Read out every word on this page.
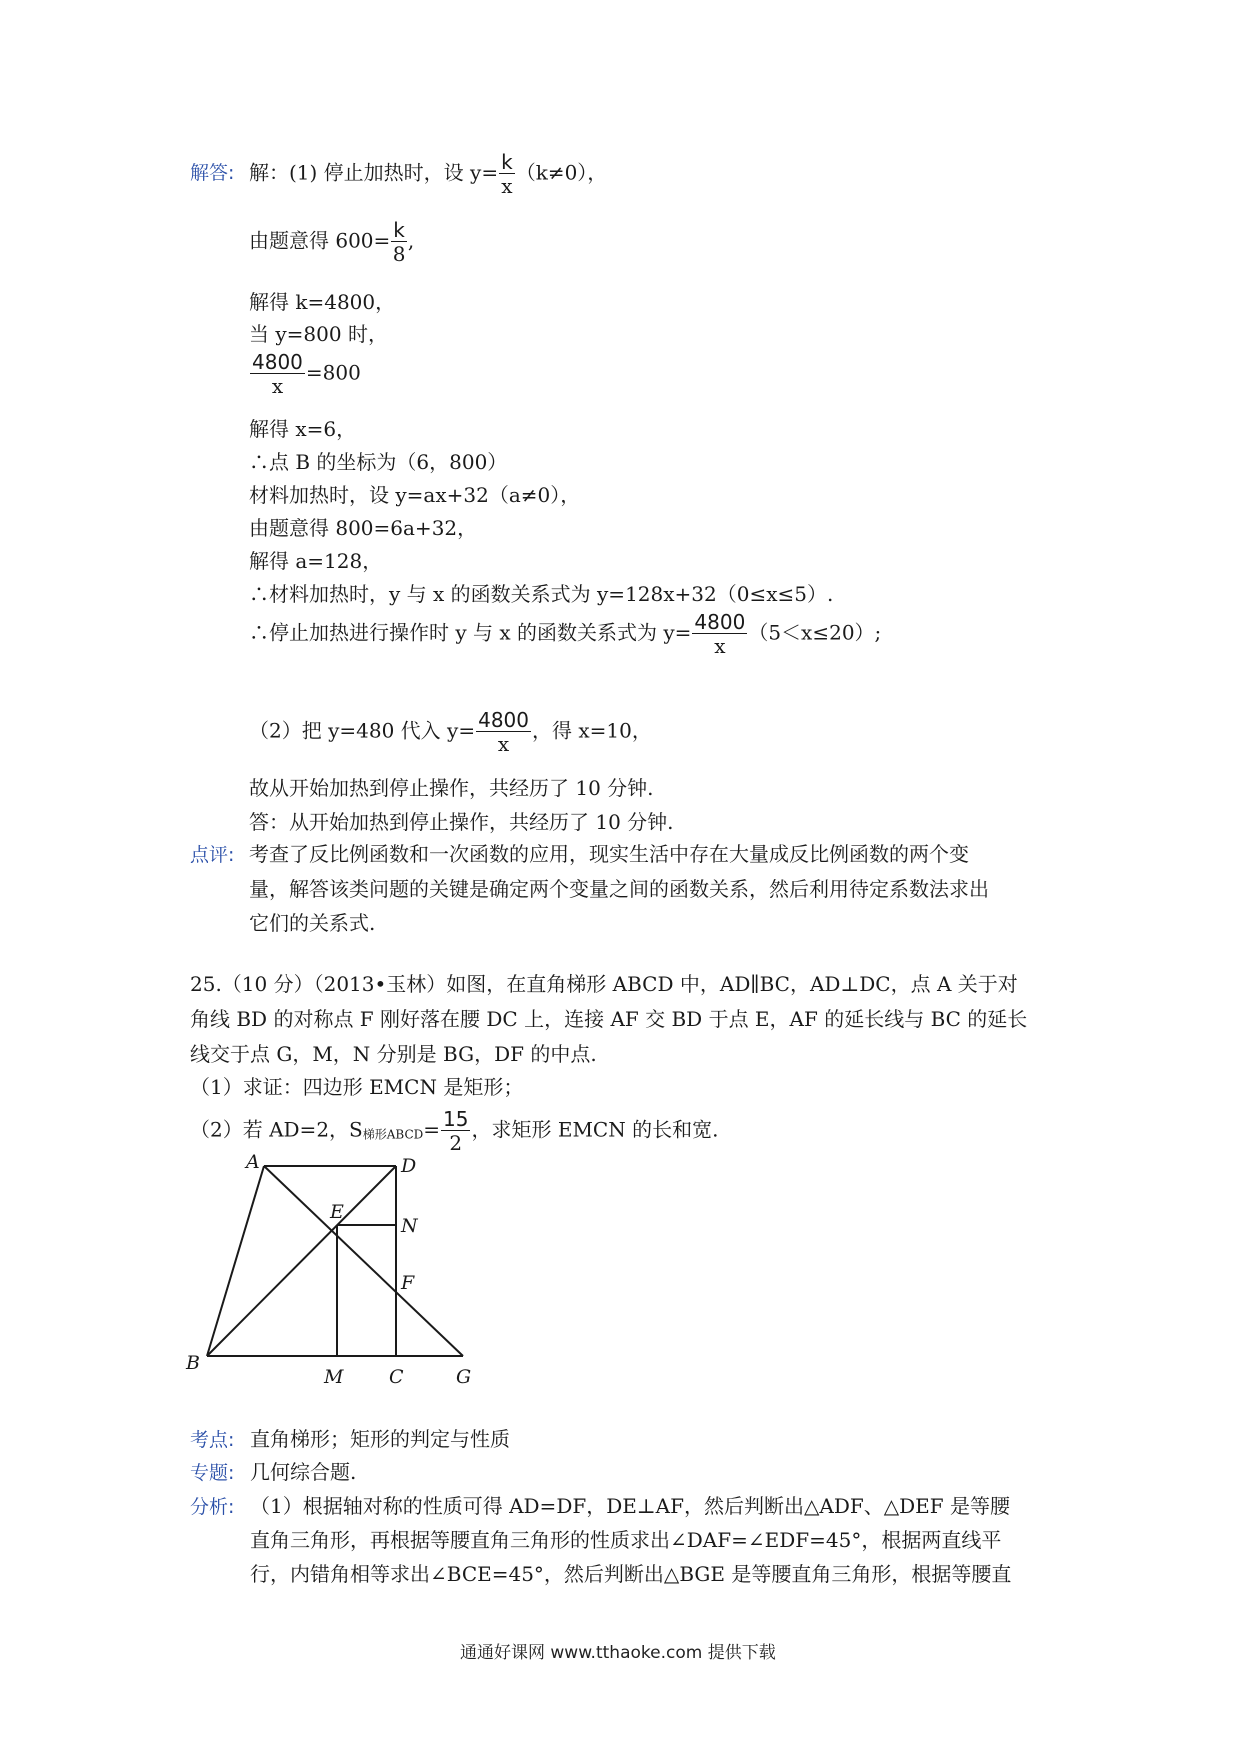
解答: 解：(1) 停止加热时，设 $y= \frac{k}{x} (k\ne 0)$，
由题意得 $600= \frac{k}{8}$ ,
解得 k=4800，
当 y=800 时，
$\frac{4800}{x} =800$
解得 x=6，
∴点 B 的坐标为（6，800）
材料加热时，设 y=ax+32（a≠0），
由题意得 800=6a+32，
解得 a=128，
∴材料加热时，y 与 x 的函数关系式为 y=128x+32（0≤x≤5）.
∴停止加热进行操作时 y 与 x 的函数关系式为 $y= \frac{4800}{x} (5<x\le 20)$;
（2）把 y=480 代入 $y= \frac{4800}{x}$ ，得 x=10，
故从开始加热到停止操作，共经历了 10 分钟.
答：从开始加热到停止操作，共经历了 10 分钟.
点评: 考查了反比例函数和一次函数的应用，现实生活中存在大量成反比例函数的两个变
量，解答该类问题的关键是确定两个变量之间的函数关系，然后利用待定系数法求出
它们的关系式.
25.（10 分）（2013•玉林）如图，在直角梯形 ABCD 中，AD∥BC，AD⊥DC，点 A 关于对
角线 BD 的对称点 F 刚好落在腰 DC 上，连接 AF 交 BD 于点 E，AF 的延长线与 BC 的延长
线交于点 G，M，N 分别是 BG，DF 的中点.
（1）求证：四边形 EMCN 是矩形；
（2）若 AD=2，S梯形ABCD= $\frac{15}{2}$ ，求矩形 EMCN 的长和宽.
A	D
E
N
F
B
M C	G
考点: 直角梯形；矩形的判定与性质
专题: 几何综合题.
分析: （1）根据轴对称的性质可得 AD=DF，DE⊥AF，然后判断出△ADF、△DEF 是等腰
直角三角形，再根据等腰直角三角形的性质求出∠DAF=∠EDF=45°，根据两直线平
行，内错角相等求出∠BCE=45°，然后判断出△BGE 是等腰直角三角形，根据等腰直
通通好课网 www.tthaoke.com 提供下载
